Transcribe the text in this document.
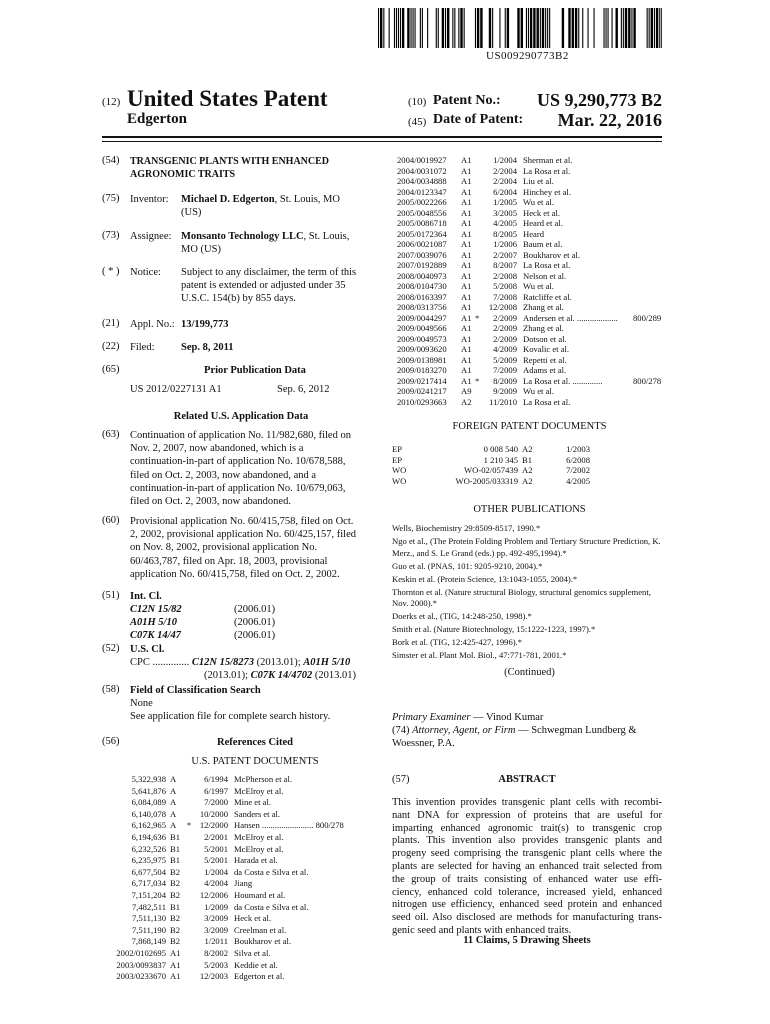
US009290773B2
(12) United States Patent
Edgerton
(10) Patent No.:	US 9,290,773 B2
(45) Date of Patent:	Mar. 22, 2016
(54)	TRANSGENIC PLANTS WITH ENHANCED
AGRONOMIC TRAITS
(75)	Inventor: Michael D. Edgerton, St. Louis, MO
(US)
(73)	Assignee: Monsanto Technology LLC, St. Louis,
MO (US)
( * )	Notice: Subject to any disclaimer, the term of this
patent is extended or adjusted under 35
U.S.C. 154(b) by 855 days.
(21)	Appl. No.: 13/199,773
(22)	Filed:	Sep. 8, 2011
(65)	Prior Publication Data
US 2012/0227131 A1	Sep. 6, 2012
Related U.S. Application Data
(63)	Continuation of application No. 11/982,680, filed on
Nov. 2, 2007, now abandoned, which is a
continuation-in-part of application No. 10/678,588,
filed on Oct. 2, 2003, now abandoned, and a
continuation-in-part of application No. 10/679,063,
filed on Oct. 2, 2003, now abandoned.
(60)	Provisional application No. 60/415,758, filed on Oct.
2, 2002, provisional application No. 60/425,157, filed
on Nov. 8, 2002, provisional application No.
60/463,787, filed on Apr. 18, 2003, provisional
application No. 60/415,758, filed on Oct. 2, 2002.
(51)	Int. Cl.
C12N 15/82	(2006.01)
A01H 5/10	(2006.01)
C07K 14/47	(2006.01)
(52)	U.S. Cl.
CPC .............. C12N 15/8273 (2013.01); A01H 5/10
(2013.01); C07K 14/4702 (2013.01)
(58)	Field of Classification Search
None
See application file for complete search history.
(56)	References Cited
U.S. PATENT DOCUMENTS
5,322,938	A		6/1994	McPherson et al.
5,641,876	A		6/1997	McElroy et al.
6,084,089	A		7/2000	Mine et al.
6,140,078	A		10/2000	Sanders et al.
6,162,965	A	*	12/2000	Hansen ........................ 800/278
6,194,636	B1		2/2001	McElroy et al.
6,232,526	B1		5/2001	McElroy et al.
6,235,975	B1		5/2001	Harada et al.
6,677,504	B2		1/2004	da Costa e Silva et al.
6,717,034	B2		4/2004	Jiang
7,151,204	B2		12/2006	Houmard et al.
7,482,511	B1		1/2009	da Costa e Silva et al.
7,511,130	B2		3/2009	Heck et al.
7,511,190	B2		3/2009	Creelman et al.
7,868,149	B2		1/2011	Boukharov et al.
2002/0102695	A1		8/2002	Silva et al.
2003/0093837	A1		5/2003	Keddie et al.
2003/0233670	A1		12/2003	Edgerton et al.
2004/0019927	A1		1/2004	Sherman et al.	
2004/0031072	A1		2/2004	La Rosa et al.	
2004/0034888	A1		2/2004	Liu et al.	
2004/0123347	A1		6/2004	Hinchey et al.	
2005/0022266	A1		1/2005	Wu et al.	
2005/0048556	A1		3/2005	Heck et al.	
2005/0086718	A1		4/2005	Heard et al.	
2005/0172364	A1		8/2005	Heard	
2006/0021087	A1		1/2006	Baum et al.	
2007/0039076	A1		2/2007	Boukharov et al.	
2007/0192889	A1		8/2007	La Rosa et al.	
2008/0040973	A1		2/2008	Nelson et al.	
2008/0104730	A1		5/2008	Wu et al.	
2008/0163397	A1		7/2008	Ratcliffe et al.	
2008/0313756	A1		12/2008	Zhang et al.	
2009/0044297	A1	*	2/2009	Andersen et al. ...................	800/289
2009/0049566	A1		2/2009	Zhang et al.	
2009/0049573	A1		2/2009	Dotson et al.	
2009/0093620	A1		4/2009	Kovalic et al.	
2009/0138981	A1		5/2009	Repetti et al.	
2009/0183270	A1		7/2009	Adams et al.	
2009/0217414	A1	*	8/2009	La Rosa et al. ..............	800/278
2009/0241217	A9		9/2009	Wu et al.	
2010/0293663	A2		11/2010	La Rosa et al.	
FOREIGN PATENT DOCUMENTS
EP	0 008 540	A2	1/2003
EP	1 210 345	B1	6/2008
WO	WO-02/057439	A2	7/2002
WO	WO-2005/033319	A2	4/2005
OTHER PUBLICATIONS
Wells, Biochemistry 29:8509-8517, 1990.*
Ngo et al., (The Protein Folding Problem and Tertiary Structure Prediction, K. Merz., and S. Le Grand (eds.) pp. 492-495,1994).*
Guo et al. (PNAS, 101: 9205-9210, 2004).*
Keskin et al. (Protein Science, 13:1043-1055, 2004).*
Thornton et al. (Nature structural Biology, structural genomics supplement, Nov. 2000).*
Doerks et al., (TIG, 14:248-250, 1998).*
Smith et al. (Nature Biotechnology, 15:1222-1223, 1997).*
Bork et al. (TIG, 12:425-427, 1996).*
Simster et al. Plant Mol. Biol., 47:771-781, 2001.*
(Continued)
Primary Examiner — Vinod Kumar
(74) Attorney, Agent, or Firm — Schwegman Lundberg &
Woessner, P.A.
(57)	ABSTRACT
This invention provides transgenic plant cells with recombi-
nant DNA for expression of proteins that are useful for
imparting enhanced agronomic trait(s) to transgenic crop
plants. This invention also provides transgenic plants and
progeny seed comprising the transgenic plant cells where the
plants are selected for having an enhanced trait selected from
the group of traits consisting of enhanced water use effi-
ciency, enhanced cold tolerance, increased yield, enhanced
nitrogen use efficiency, enhanced seed protein and enhanced
seed oil. Also disclosed are methods for manufacturing trans-
genic seed and plants with enhanced traits.
11 Claims, 5 Drawing Sheets
